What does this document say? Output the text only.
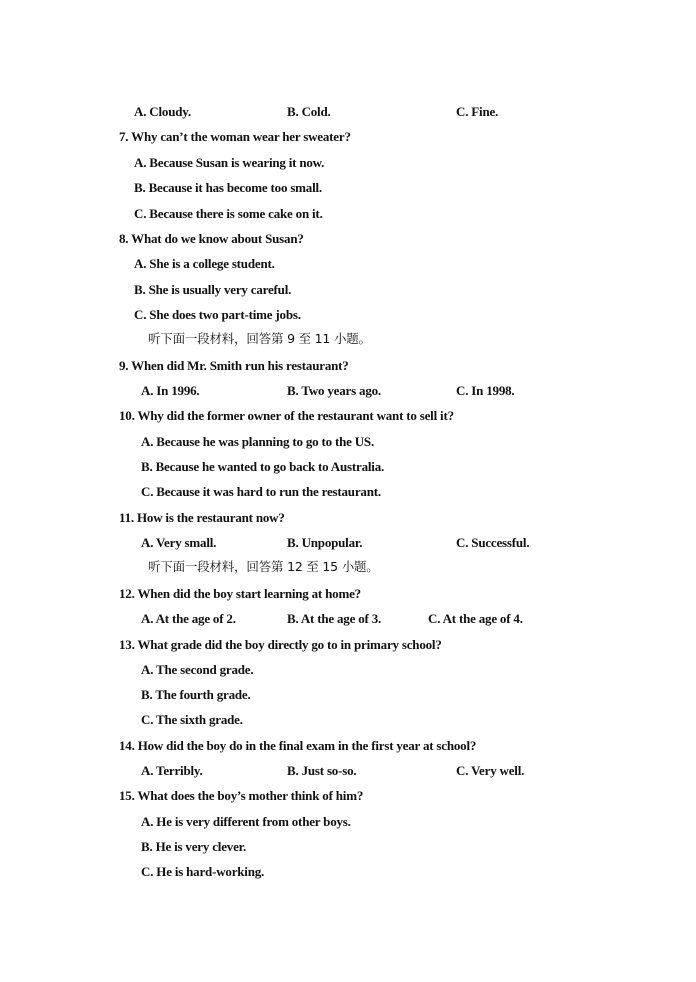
A. Cloudy.	B. Cold.	C. Fine.
7. Why can’t the woman wear her sweater?
A. Because Susan is wearing it now.
B. Because it has become too small.
C. Because there is some cake on it.
8. What do we know about Susan?
A. She is a college student.
B. She is usually very careful.
C. She does two part-time jobs.
听下面一段材料，回答第 9 至 11 小题。
9. When did Mr. Smith run his restaurant?
A. In 1996.	B. Two years ago.	C. In 1998.
10. Why did the former owner of the restaurant want to sell it?
A. Because he was planning to go to the US.
B. Because he wanted to go back to Australia.
C. Because it was hard to run the restaurant.
11. How is the restaurant now?
A. Very small.	B. Unpopular.	C. Successful.
听下面一段材料，回答第 12 至 15 小题。
12. When did the boy start learning at home?
A. At the age of 2.	B. At the age of 3.	C. At the age of 4.
13. What grade did the boy directly go to in primary school?
A. The second grade.
B. The fourth grade.
C. The sixth grade.
14. How did the boy do in the final exam in the first year at school?
A. Terribly.	B. Just so-so.	C. Very well.
15. What does the boy’s mother think of him?
A. He is very different from other boys.
B. He is very clever.
C. He is hard-working.
